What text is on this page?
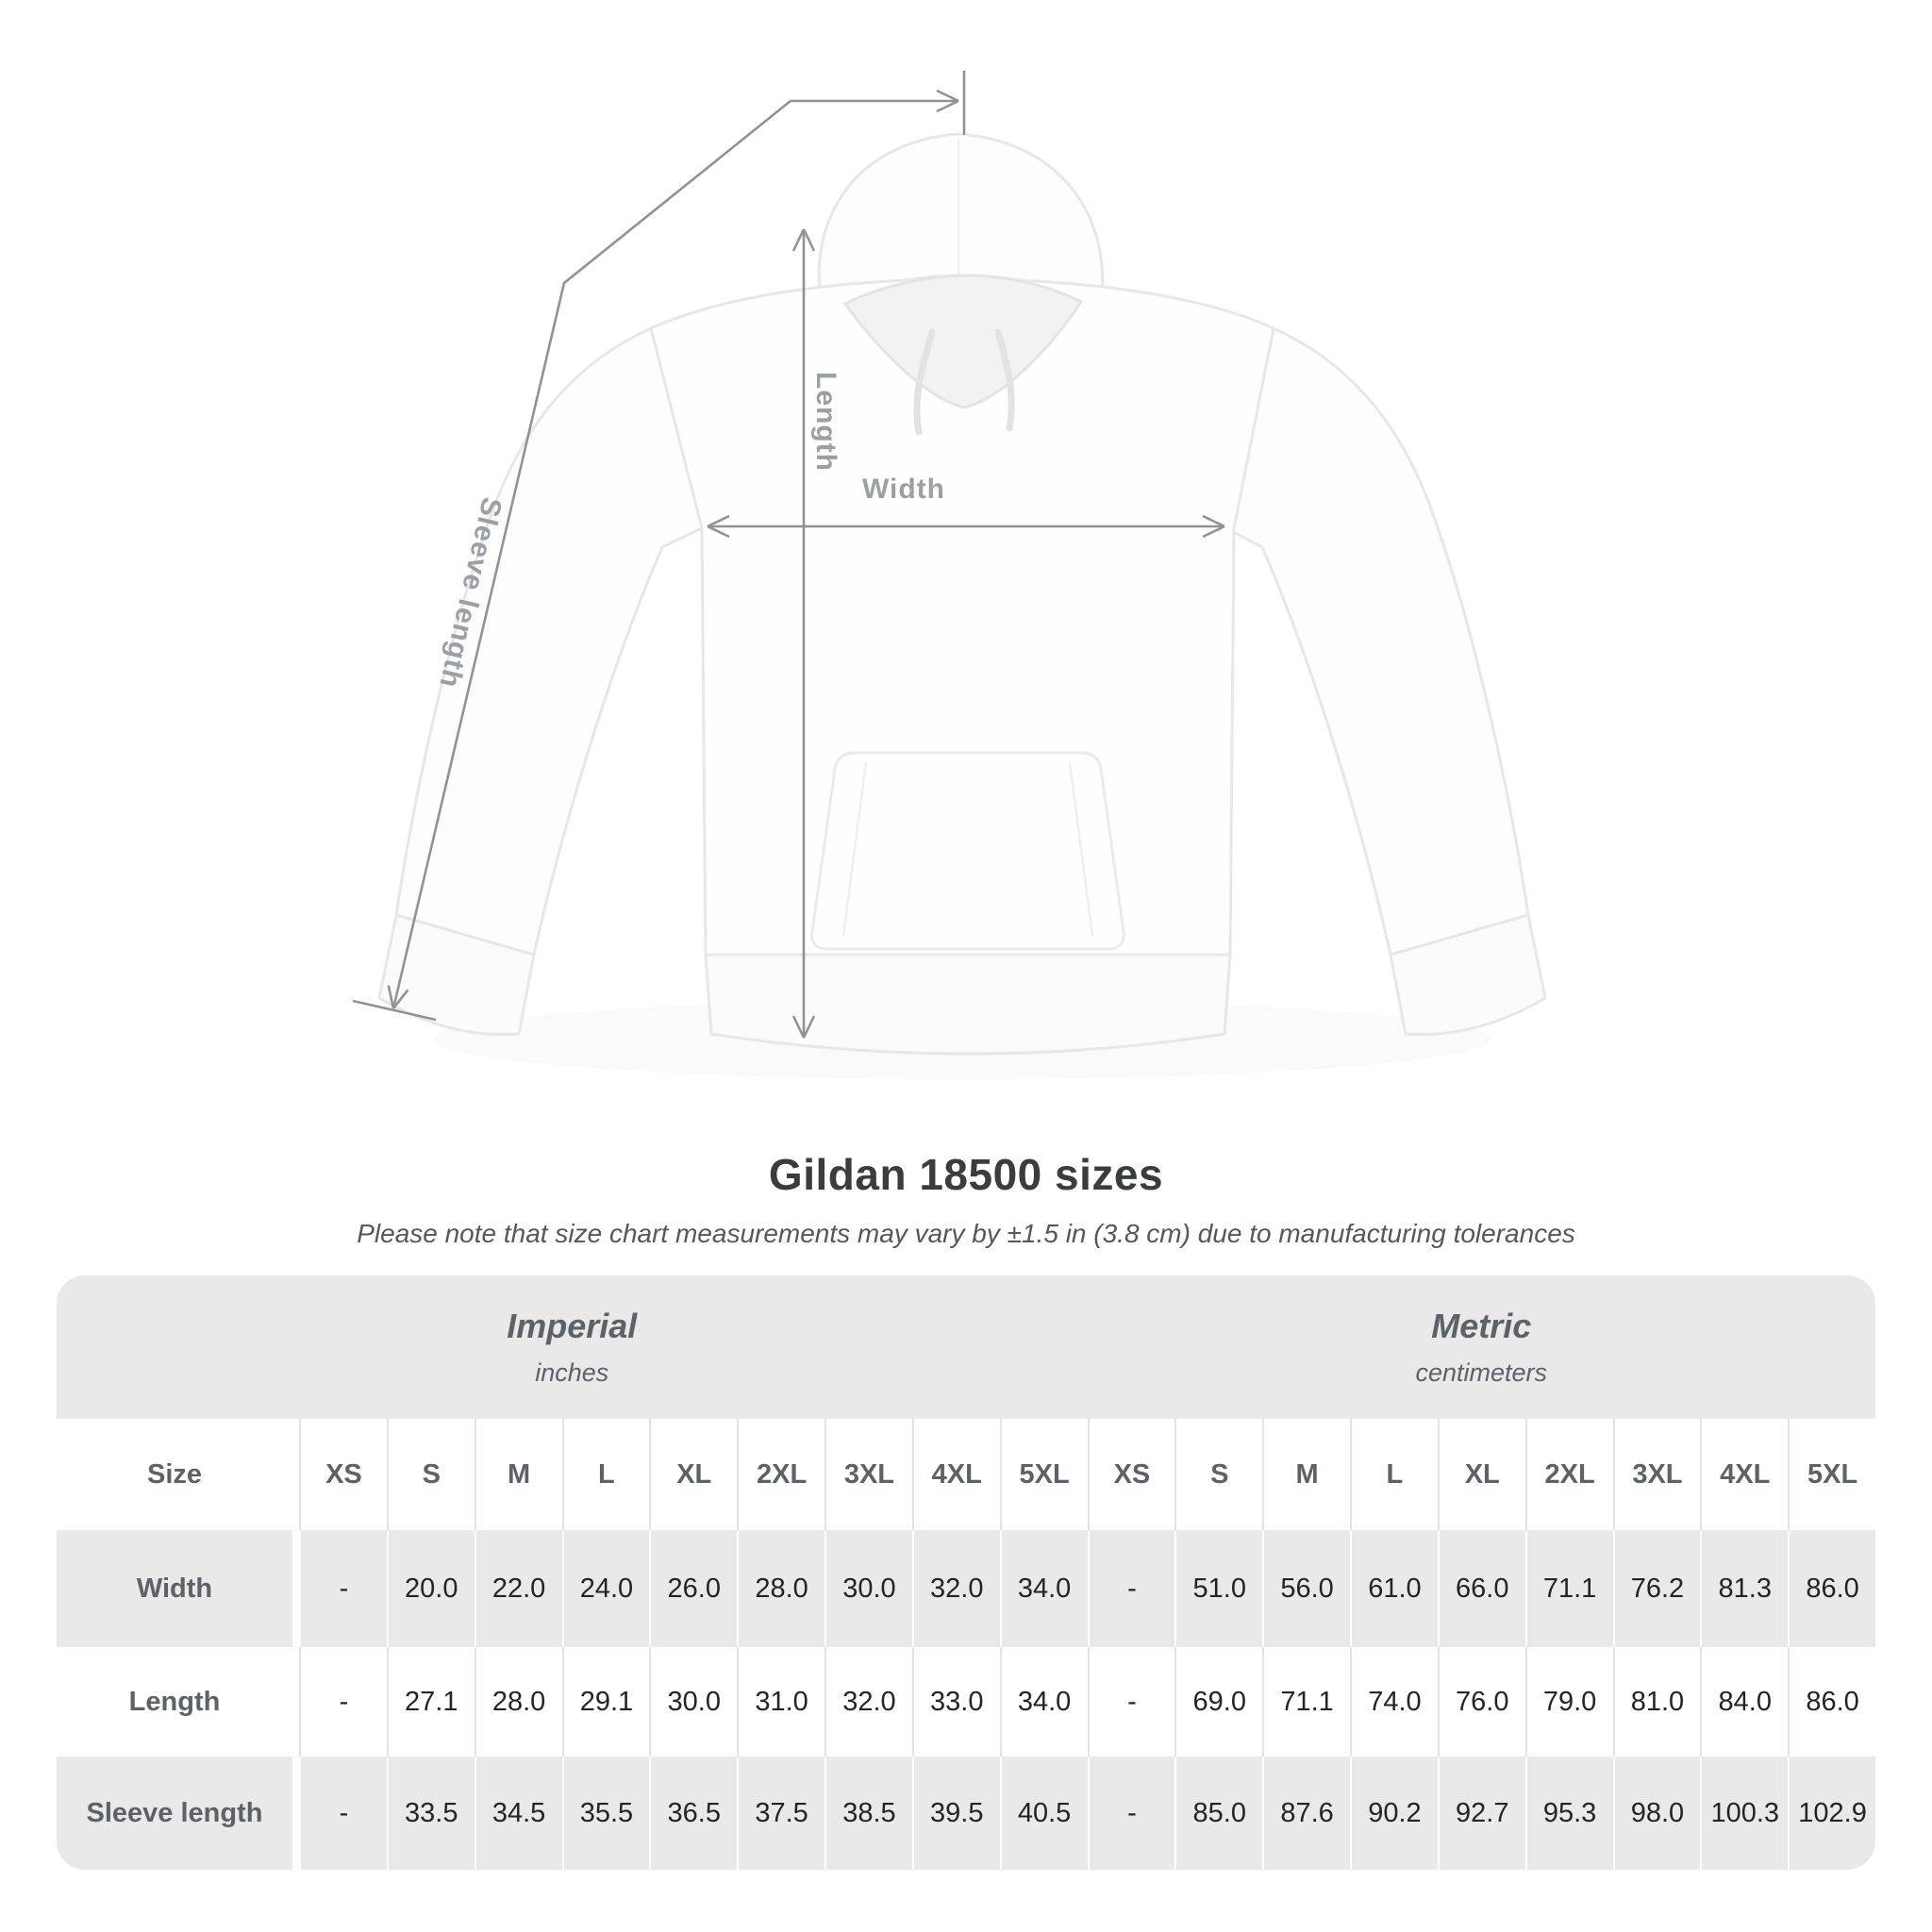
Sleeve length
Length
Width
Gildan 18500 sizes
Please note that size chart measurements may vary by ±1.5 in (3.8 cm) due to manufacturing tolerances
Imperial
inches
Metric
centimeters
Size	XS	S	M	L	XL	2XL	3XL	4XL	5XL	XS	S	M	L	XL	2XL	3XL	4XL	5XL
Width	-	20.0	22.0	24.0	26.0	28.0	30.0	32.0	34.0	-	51.0	56.0	61.0	66.0	71.1	76.2	81.3	86.0
Length	-	27.1	28.0	29.1	30.0	31.0	32.0	33.0	34.0	-	69.0	71.1	74.0	76.0	79.0	81.0	84.0	86.0
Sleeve length	-	33.5	34.5	35.5	36.5	37.5	38.5	39.5	40.5	-	85.0	87.6	90.2	92.7	95.3	98.0 100.3 102.9
